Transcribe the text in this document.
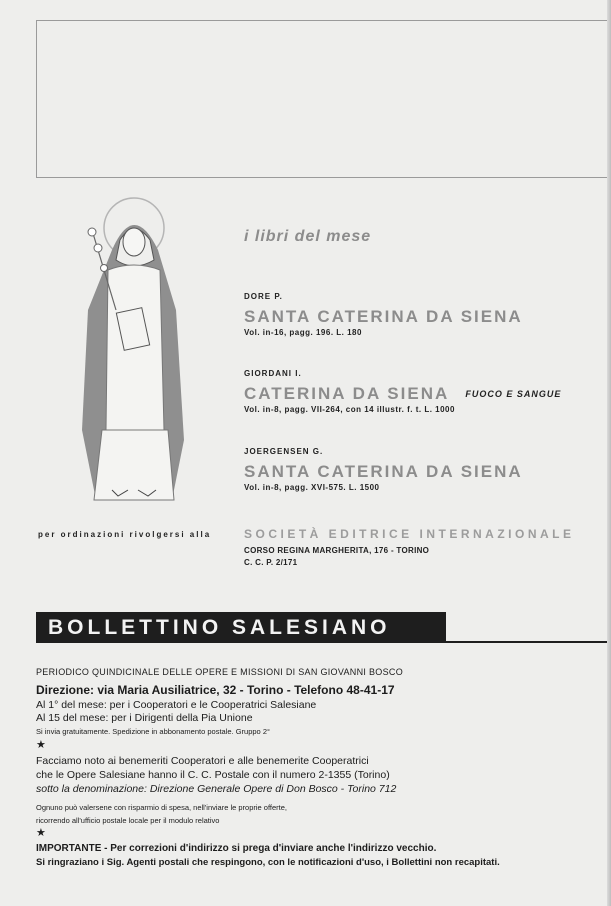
i libri del mese
DORE P.
SANTA CATERINA DA SIENA
Vol. in-16, pagg. 196. L. 180
GIORDANI I.
CATERINA DA SIENA FUOCO E SANGUE
Vol. in-8, pagg. VII-264, con 14 illustr. f. t. L. 1000
JOERGENSEN G.
SANTA CATERINA DA SIENA
Vol. in-8, pagg. XVI-575. L. 1500
per ordinazioni rivolgersi alla	SOCIETÀ EDITRICE INTERNAZIONALE
CORSO REGINA MARGHERITA, 176 - TORINO
C. C. P. 2/171
BOLLETTINO SALESIANO
PERIODICO QUINDICINALE DELLE OPERE E MISSIONI DI SAN GIOVANNI BOSCO
Direzione: via Maria Ausiliatrice, 32 - Torino - Telefono 48-41-17
Al 1° del mese: per i Cooperatori e le Cooperatrici Salesiane
Al 15 del mese: per i Dirigenti della Pia Unione
Si invia gratuitamente. Spedizione in abbonamento postale. Gruppo 2°
★
Facciamo noto ai benemeriti Cooperatori e alle benemerite Cooperatrici
che le Opere Salesiane hanno il C. C. Postale con il numero 2-1355 (Torino)
sotto la denominazione: Direzione Generale Opere di Don Bosco - Torino 712
Ognuno può valersene con risparmio di spesa, nell'inviare le proprie offerte,
ricorrendo all'ufficio postale locale per il modulo relativo
★
IMPORTANTE - Per correzioni d'indirizzo si prega d'inviare anche l'indirizzo vecchio.
Si ringraziano i Sig. Agenti postali che respingono, con le notificazioni d'uso, i Bollettini non recapitati.
